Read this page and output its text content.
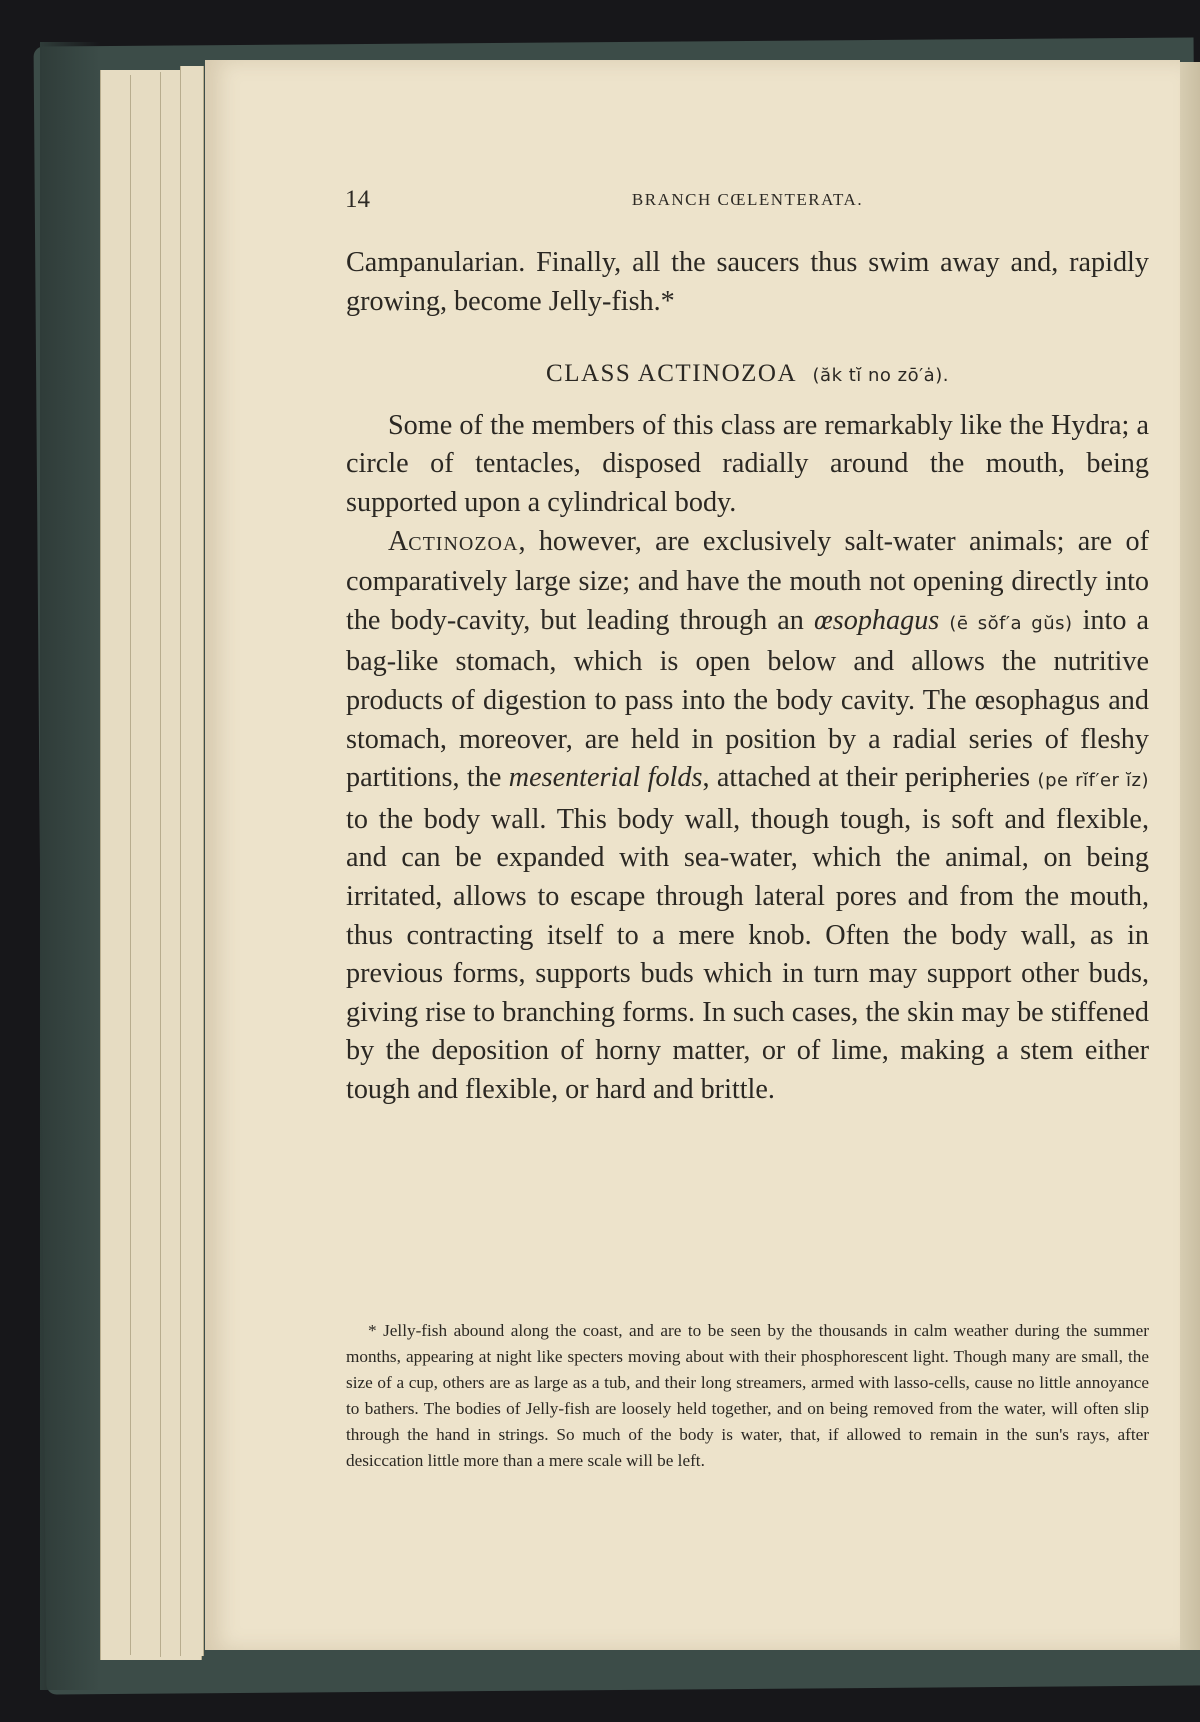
14	BRANCH CŒLENTERATA.

Campanularian. Finally, all the saucers thus swim away and, rapidly growing, become Jelly-fish.*

CLASS ACTINOZOA (ăk tĭ no zō′ȧ).

Some of the members of this class are remarkably like the Hydra; a circle of tentacles, disposed radially around the mouth, being supported upon a cylindrical body.

ACTINOZOA, however, are exclusively salt-water animals; are of comparatively large size; and have the mouth not opening directly into the body-cavity, but leading through an œsophagus (ē sŏf′a gŭs) into a bag-like stomach, which is open below and allows the nutritive products of digestion to pass into the body cavity. The œsophagus and stomach, moreover, are held in position by a radial series of fleshy partitions, the mesenterial folds, attached at their peripheries (pe rĭf′er ĭz) to the body wall. This body wall, though tough, is soft and flexible, and can be expanded with sea-water, which the animal, on being irritated, allows to escape through lateral pores and from the mouth, thus contracting itself to a mere knob. Often the body wall, as in previous forms, supports buds which in turn may support other buds, giving rise to branching forms. In such cases, the skin may be stiffened by the deposition of horny matter, or of lime, making a stem either tough and flexible, or hard and brittle.

* Jelly-fish abound along the coast, and are to be seen by the thousands in calm weather during the summer months, appearing at night like specters moving about with their phosphorescent light. Though many are small, the size of a cup, others are as large as a tub, and their long streamers, armed with lasso-cells, cause no little annoyance to bathers. The bodies of Jelly-fish are loosely held together, and on being removed from the water, will often slip through the hand in strings. So much of the body is water, that, if allowed to remain in the sun's rays, after desiccation little more than a mere scale will be left.
